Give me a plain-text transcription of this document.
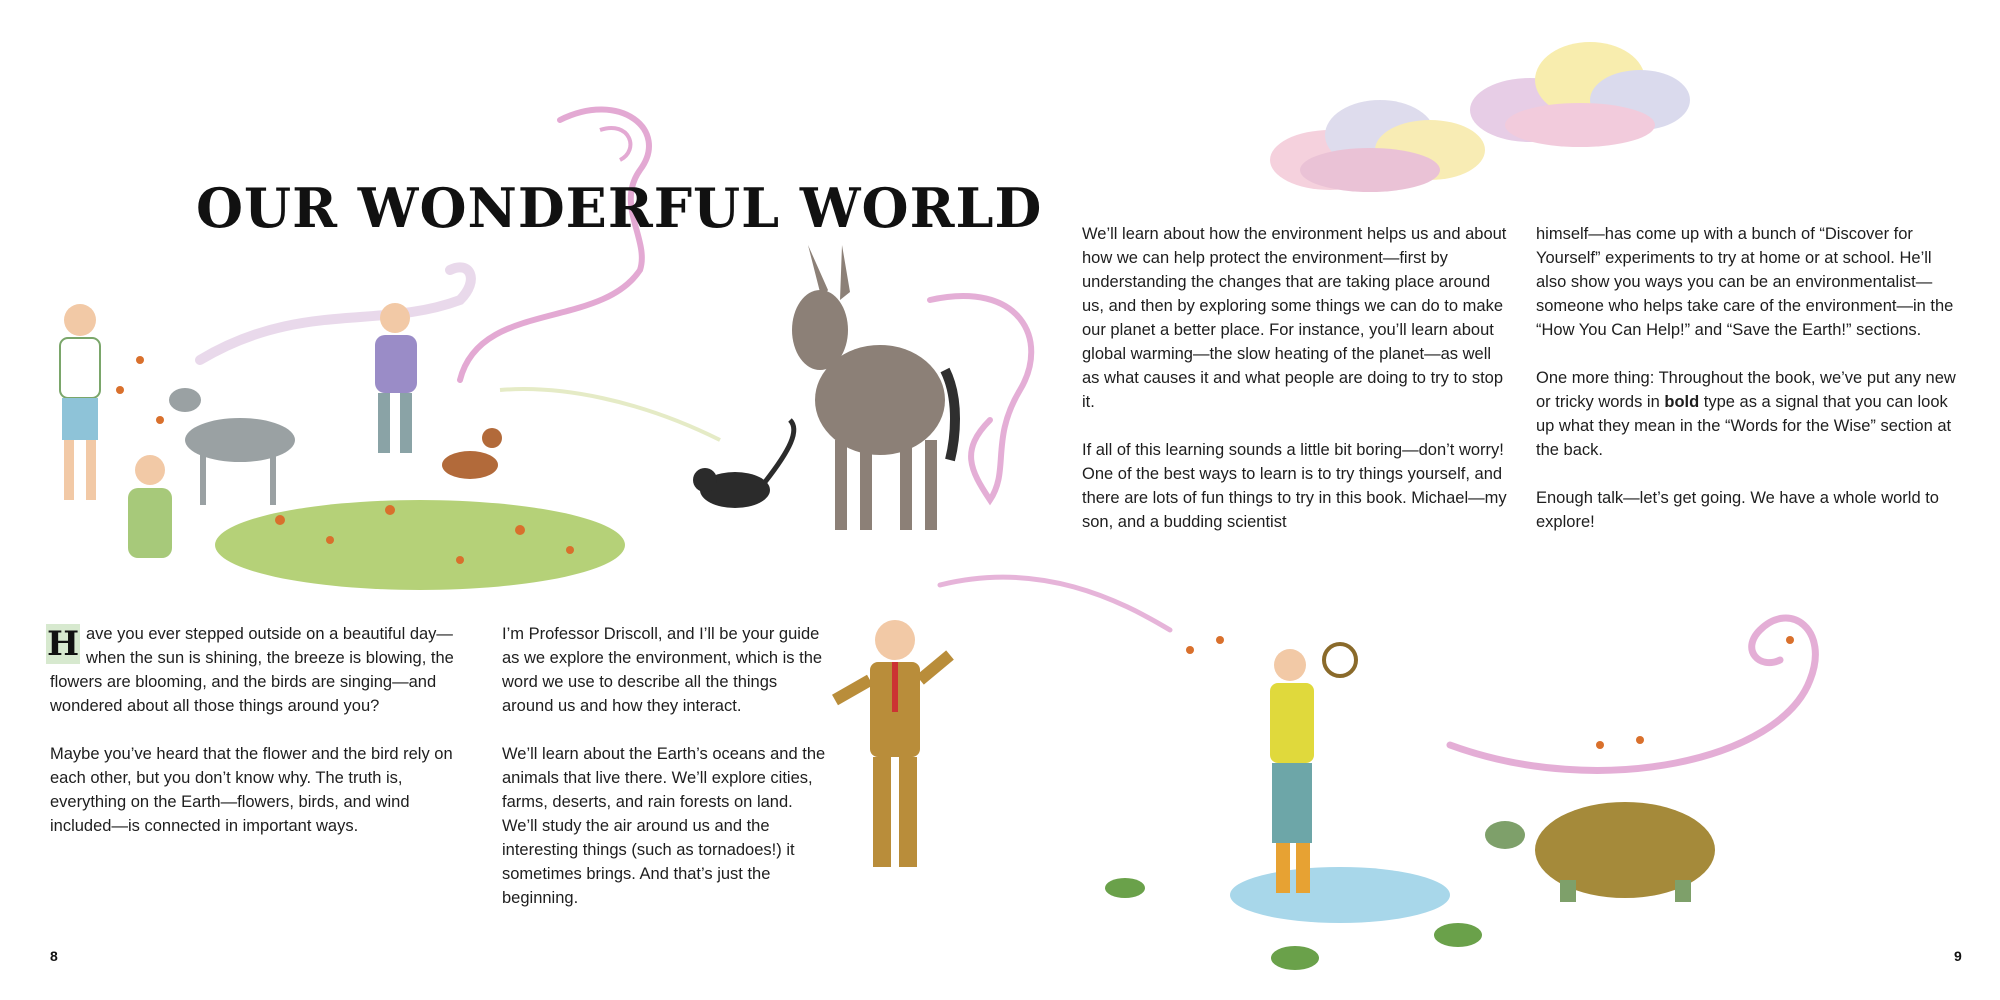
OUR WONDERFUL WORLD

H ave you ever stepped outside on a beautiful day—when the sun is shining, the breeze is blowing, the flowers are blooming, and the birds are singing—and wondered about all those things around you?

Maybe you’ve heard that the flower and the bird rely on each other, but you don’t know why. The truth is, everything on the Earth—flowers, birds, and wind included—is connected in important ways.

I’m Professor Driscoll, and I’ll be your guide as we explore the environment, which is the word we use to describe all the things around us and how they interact.

We’ll learn about the Earth’s oceans and the animals that live there. We’ll explore cities, farms, deserts, and rain forests on land. We’ll study the air around us and the interesting things (such as tornadoes!) it sometimes brings. And that’s just the beginning.

We’ll learn about how the environment helps us and about how we can help protect the environment—first by understanding the changes that are taking place around us, and then by exploring some things we can do to make our planet a better place. For instance, you’ll learn about global warming—the slow heating of the planet—as well as what causes it and what people are doing to try to stop it.

If all of this learning sounds a little bit boring—don’t worry! One of the best ways to learn is to try things yourself, and there are lots of fun things to try in this book. Michael—my son, and a budding scientist

himself—has come up with a bunch of “Discover for Yourself” experiments to try at home or at school. He’ll also show you ways you can be an environmentalist—someone who helps take care of the environment—in the “How You Can Help!” and “Save the Earth!” sections.

One more thing: Throughout the book, we’ve put any new or tricky words in bold type as a signal that you can look up what they mean in the “Words for the Wise” section at the back.

Enough talk—let’s get going. We have a whole world to explore!

8	9
